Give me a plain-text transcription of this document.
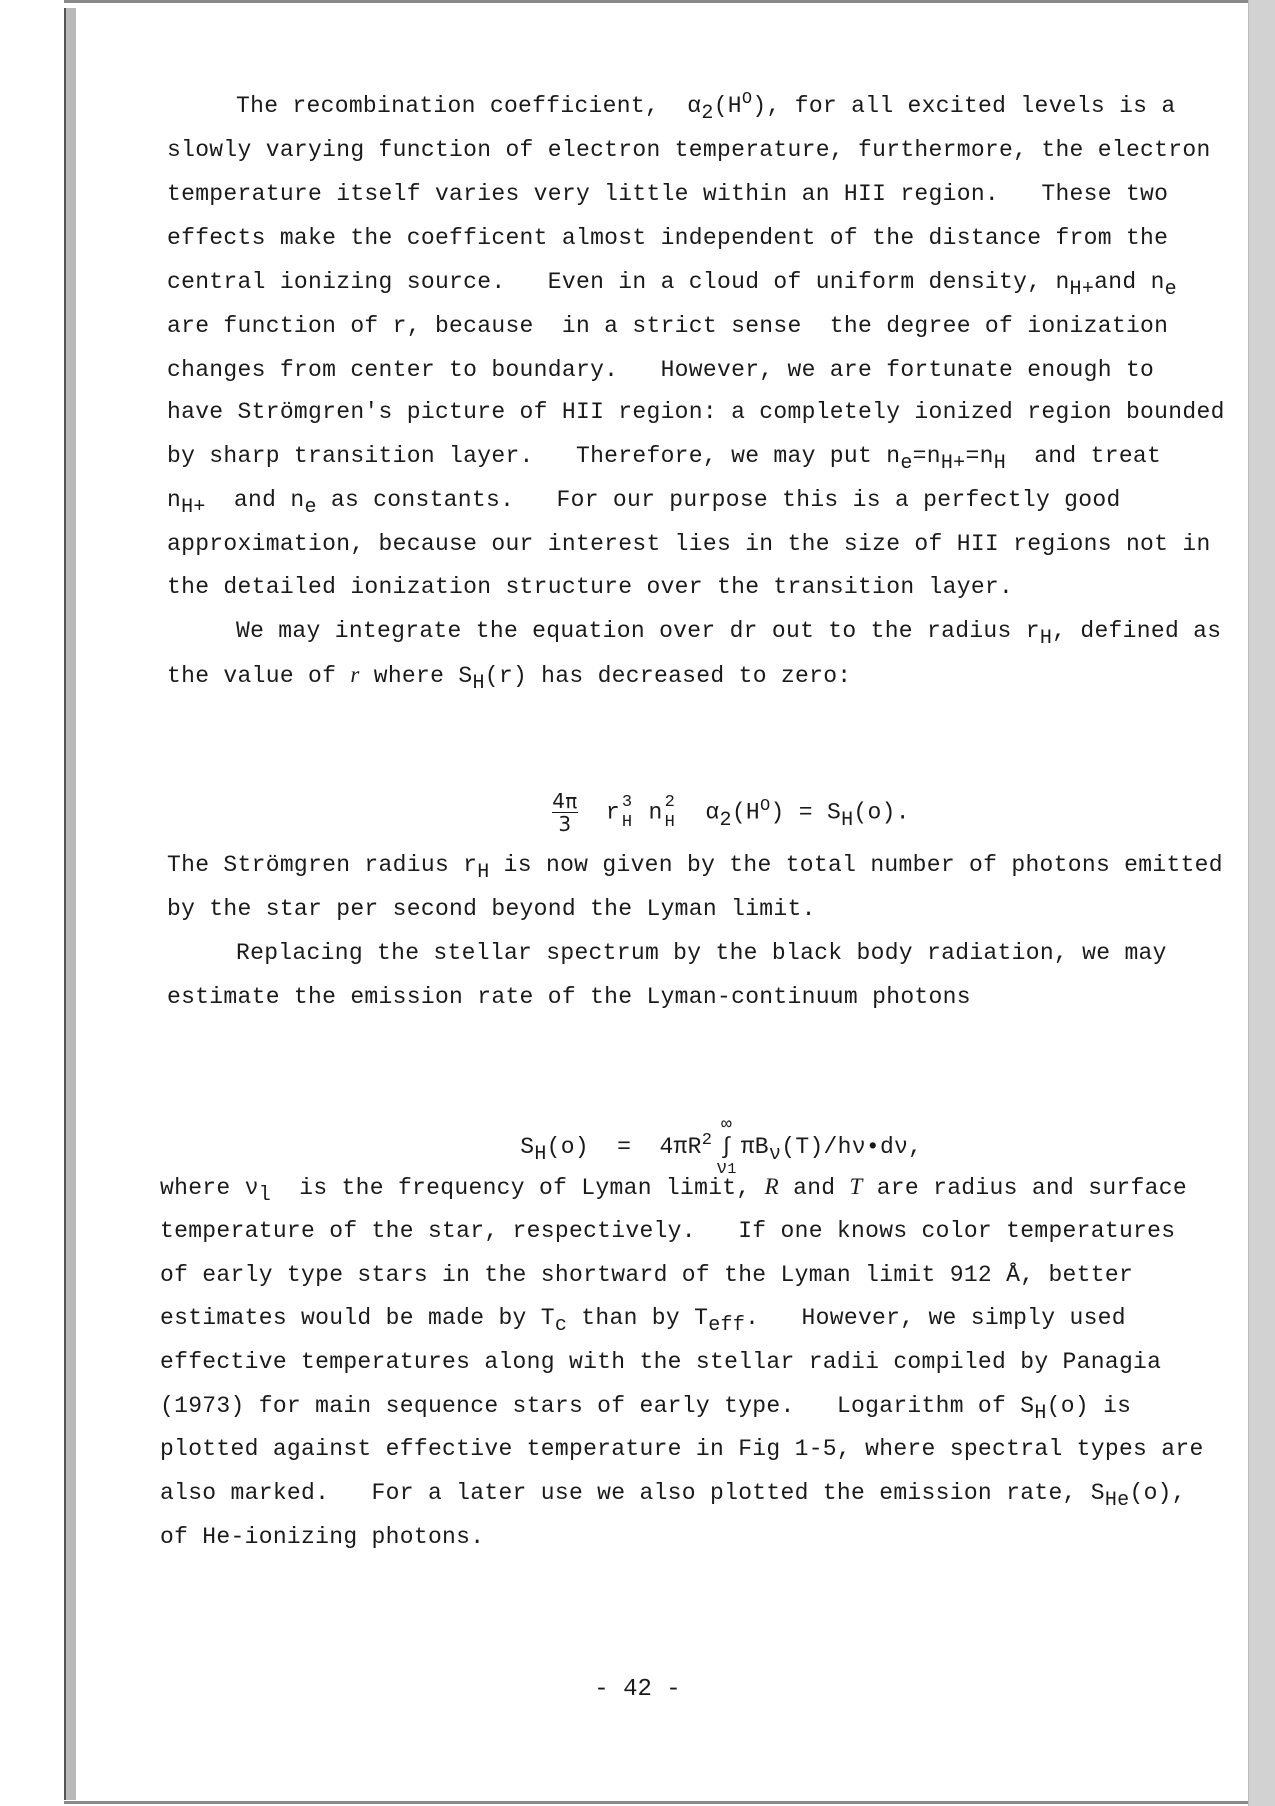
The recombination coefficient,  $\alpha_2(H^O)$, for all excited levels is a
slowly varying function of electron temperature, furthermore, the electron
temperature itself varies very little within an HII region.   These two
effects make the coefficent almost independent of the distance from the
central ionizing source.   Even in a cloud of uniform density, $n_{H+}and$ $n_e$
are function of r, because  in a strict sense  the degree of ionization
changes from center to boundary.   However, we are fortunate enough to
have Strömgren's picture of HII region: a completely ionized region bounded
by sharp transition layer.   Therefore, we may put $n_e=n_{H+}=n_H$  and treat
$n_{H+}$  and $n_e$ as constants.   For our purpose this is a perfectly good
approximation, because our interest lies in the size of HII regions not in
the detailed ionization structure over the transition layer.
We may integrate the equation over dr out to the radius $r_H$, defined as
the value of r where $S_H(r)$ has decreased to zero:
The Strömgren radius $r_H$ is now given by the total number of photons emitted
by the star per second beyond the Lyman limit.
Replacing the stellar spectrum by the black body radiation, we may
estimate the emission rate of the Lyman-continuum photons
where $\nu_l$  is the frequency of Lyman limit, R and T are radius and surface
temperature of the star, respectively.   If one knows color temperatures
of early type stars in the shortward of the Lyman limit 912 Å, better
estimates would be made by $T_c$ than by $T_{eff}$.   However, we simply used
effective temperatures along with the stellar radii compiled by Panagia
(1973) for main sequence stars of early type.   Logarithm of $S_H(o)$ is
plotted against effective temperature in Fig 1-5, where spectral types are
also marked.   For a later use we also plotted the emission rate, $S_{He}(o)$,
of He-ionizing photons.

$\frac{4\pi}{3}$ r 3
H n 2
H $\alpha_2(H^O) = S_H(o)$.

$S_H(o) = 4\pi R^2$
∞
∫
ν1
$\pi B_\nu(T)/h\nu•d\nu$,

- 42 -
